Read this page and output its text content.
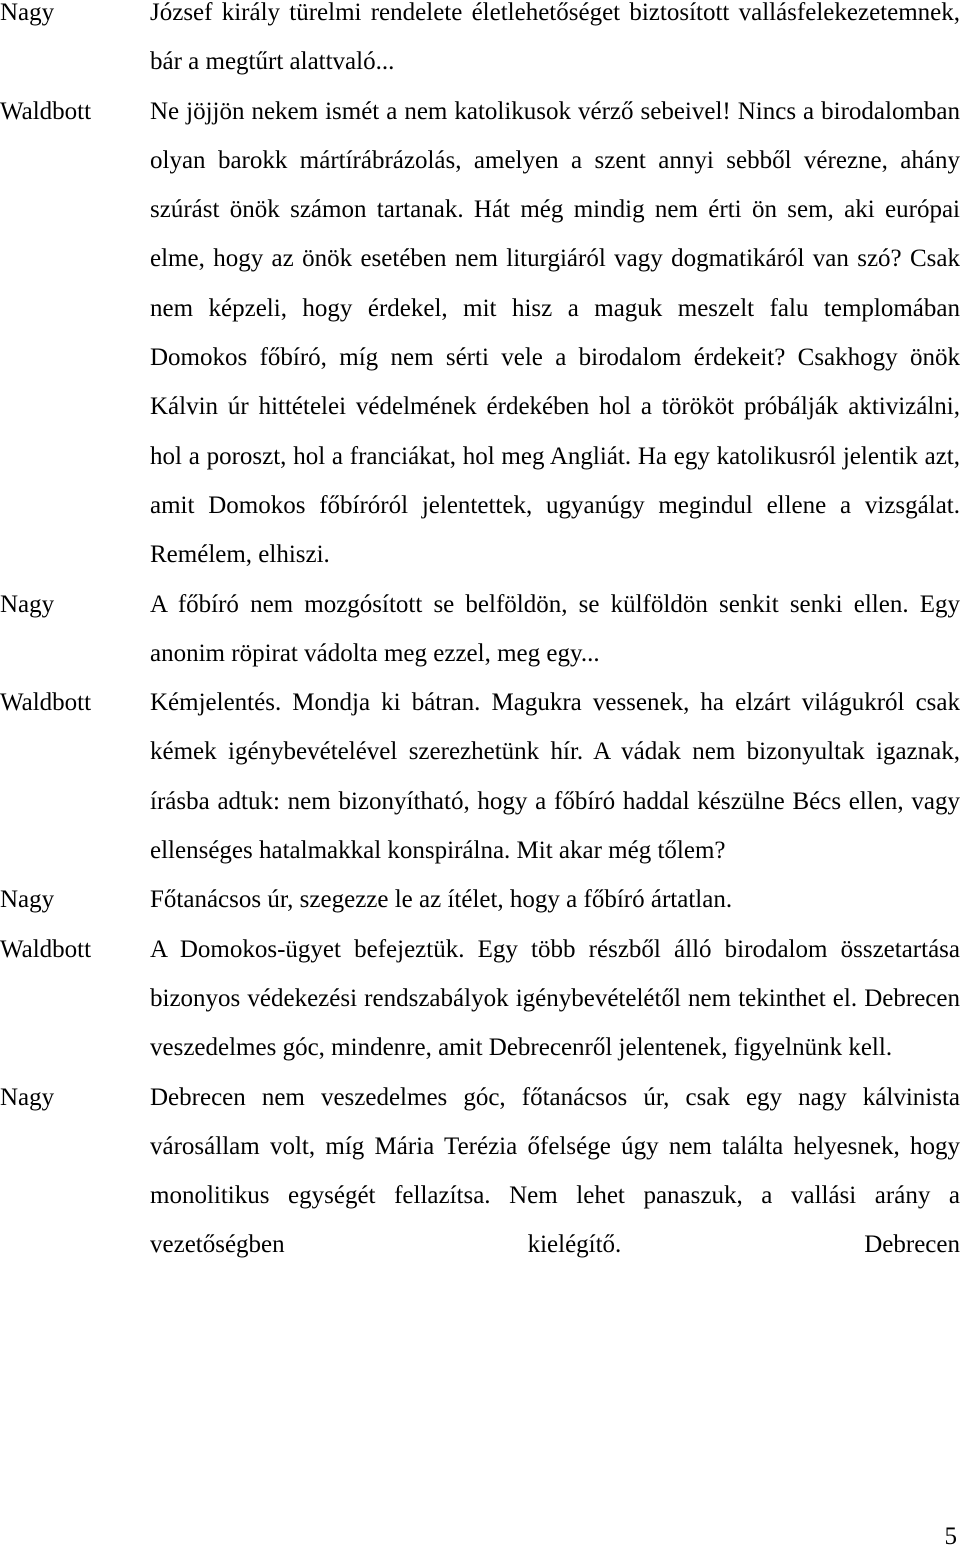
Nagy	József király türelmi rendelete életlehetőséget biztosított vallásfelekezetemnek, bár a megtűrt alattvaló...
Waldbott	Ne jöjjön nekem ismét a nem katolikusok vérző sebeivel! Nincs a birodalomban olyan barokk mártírábrázolás, amelyen a szent annyi sebből vérezne, ahány szúrást önök számon tartanak. Hát még mindig nem érti ön sem, aki európai elme, hogy az önök esetében nem liturgiáról vagy dogmatikáról van szó? Csak nem képzeli, hogy érdekel, mit hisz a maguk meszelt falu templomában Domokos főbíró, míg nem sérti vele a birodalom érdekeit? Csakhogy önök Kálvin úr hittételei védelmének érdekében hol a törököt próbálják aktivizálni, hol a poroszt, hol a franciákat, hol meg Angliát. Ha egy katolikusról jelentik azt, amit Domokos főbíróról jelentettek, ugyanúgy megindul ellene a vizsgálat. Remélem, elhiszi.
Nagy	A főbíró nem mozgósított se belföldön, se külföldön senkit senki ellen. Egy anonim röpirat vádolta meg ezzel, meg egy...
Waldbott	Kémjelentés. Mondja ki bátran. Magukra vessenek, ha elzárt világukról csak kémek igénybevételével szerezhetünk hír. A vádak nem bizonyultak igaznak, írásba adtuk: nem bizonyítható, hogy a főbíró haddal készülne Bécs ellen, vagy ellenséges hatalmakkal konspirálna. Mit akar még tőlem?
Nagy	Főtanácsos úr, szegezze le az ítélet, hogy a főbíró ártatlan.
Waldbott	A Domokos-ügyet befejeztük. Egy több részből álló birodalom összetartása bizonyos védekezési rendszabályok igénybevételétől nem tekinthet el. Debrecen veszedelmes góc, mindenre, amit Debrecenről jelentenek, figyelnünk kell.
Nagy	Debrecen nem veszedelmes góc, főtanácsos úr, csak egy nagy kálvinista városállam volt, míg Mária Terézia őfelsége úgy nem találta helyesnek, hogy monolitikus egységét fellazítsa. Nem lehet panaszuk, a vallási arány a vezetőségben kielégítő. Debrecen
5
